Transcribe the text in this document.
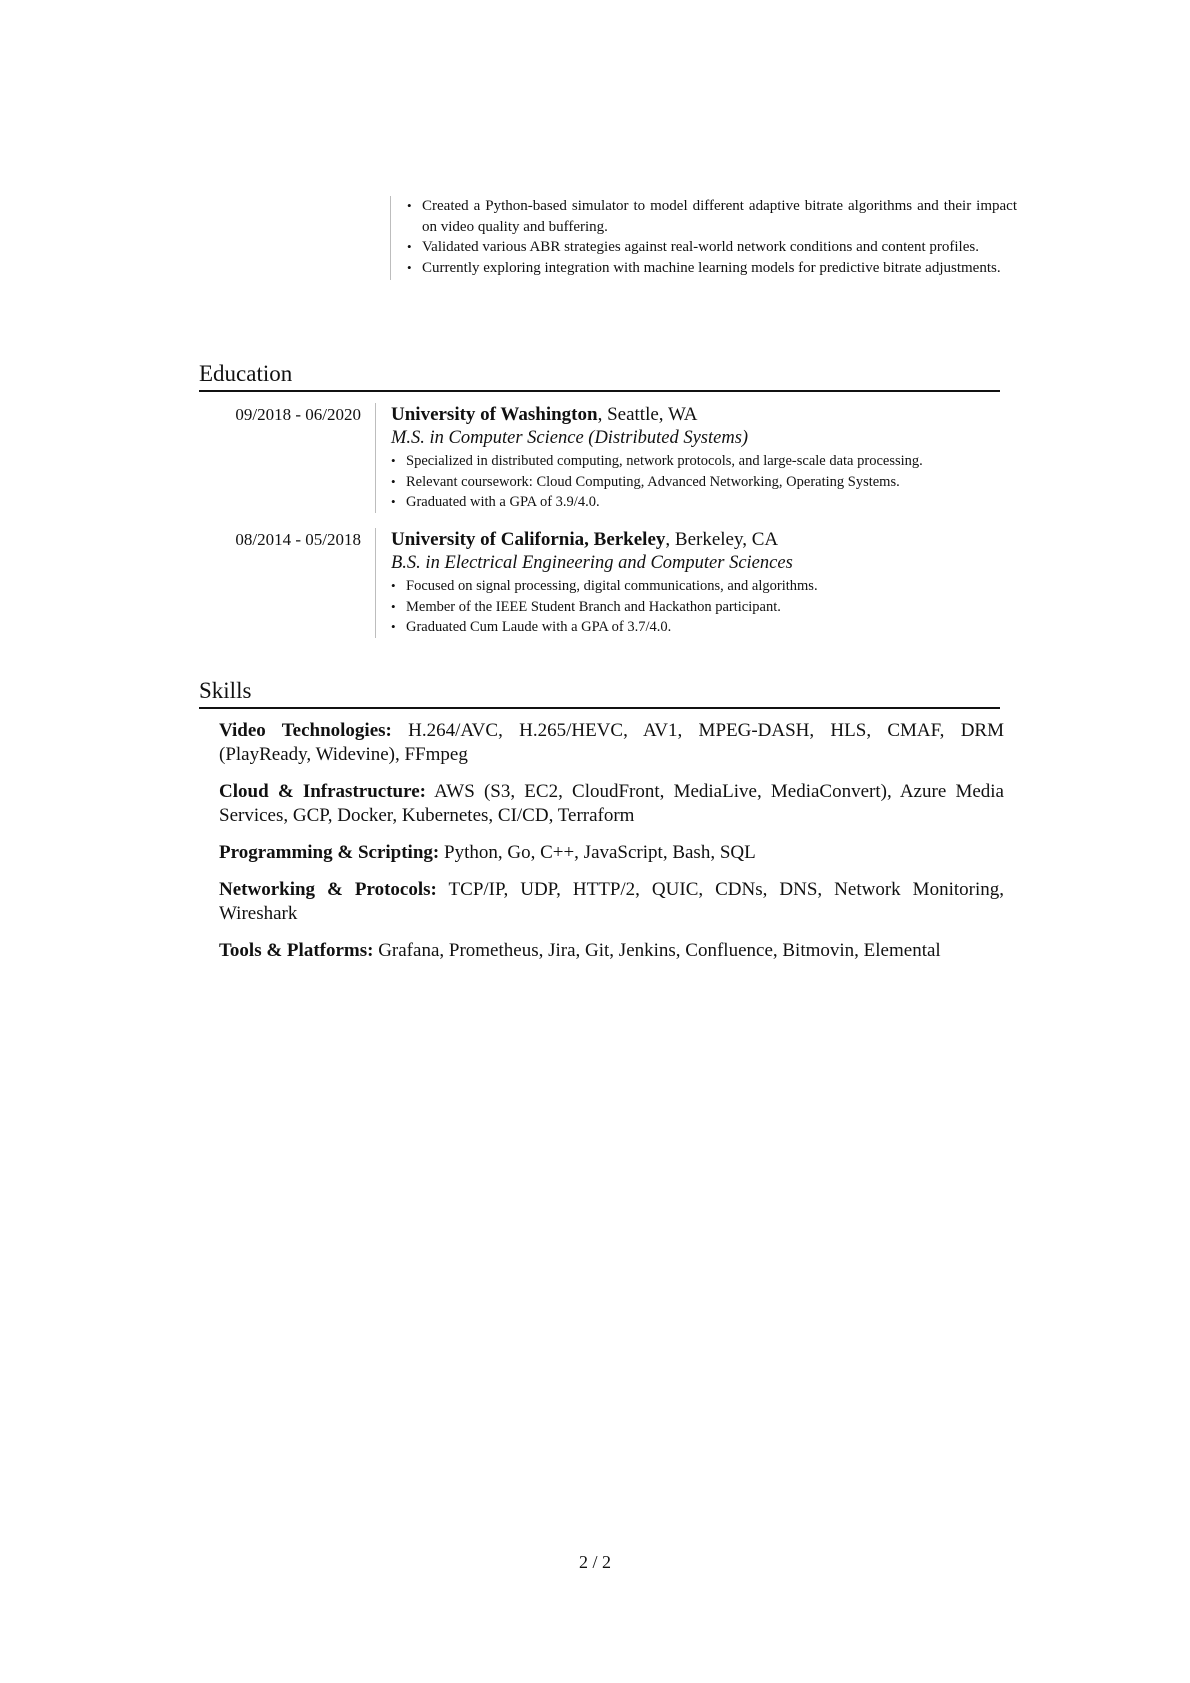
• Created a Python-based simulator to model different adaptive bitrate algorithms and their impact on video quality and buffering.
• Validated various ABR strategies against real-world network conditions and content profiles.
• Currently exploring integration with machine learning models for predictive bitrate adjustments.
Education
09/2018 - 06/2020	University of Washington, Seattle, WA
M.S. in Computer Science (Distributed Systems)
• Specialized in distributed computing, network protocols, and large-scale data processing.
• Relevant coursework: Cloud Computing, Advanced Networking, Operating Systems.
• Graduated with a GPA of 3.9/4.0.
08/2014 - 05/2018	University of California, Berkeley, Berkeley, CA
B.S. in Electrical Engineering and Computer Sciences
• Focused on signal processing, digital communications, and algorithms.
• Member of the IEEE Student Branch and Hackathon participant.
• Graduated Cum Laude with a GPA of 3.7/4.0.
Skills
Video Technologies: H.264/AVC, H.265/HEVC, AV1, MPEG-DASH, HLS, CMAF, DRM (PlayReady, Widevine), FFmpeg
Cloud & Infrastructure: AWS (S3, EC2, CloudFront, MediaLive, MediaConvert), Azure Media Services, GCP, Docker, Kubernetes, CI/CD, Terraform
Programming & Scripting: Python, Go, C++, JavaScript, Bash, SQL
Networking & Protocols: TCP/IP, UDP, HTTP/2, QUIC, CDNs, DNS, Network Monitoring, Wireshark
Tools & Platforms: Grafana, Prometheus, Jira, Git, Jenkins, Confluence, Bitmovin, Elemental
2 / 2
